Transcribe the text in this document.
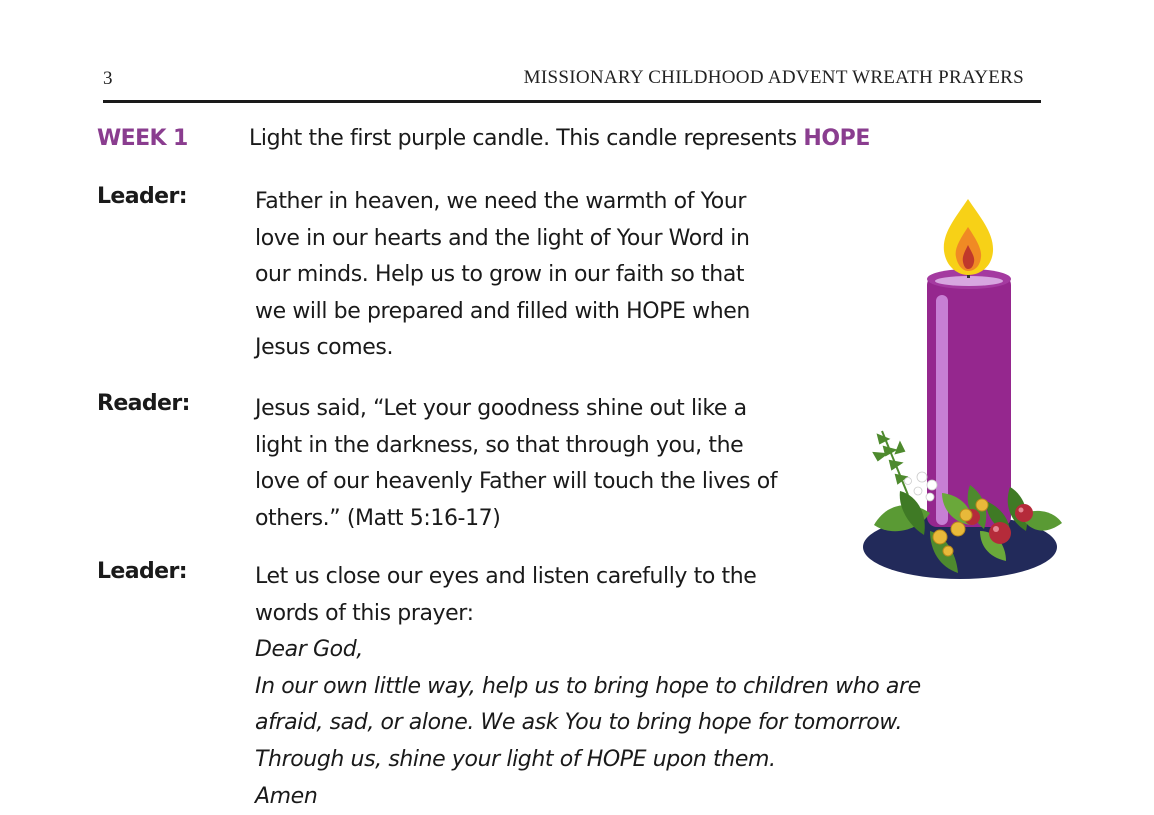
3	MISSIONARY CHILDHOOD ADVENT WREATH PRAYERS
WEEK 1	Light the first purple candle. This candle represents HOPE
Leader:	Father in heaven, we need the warmth of Your
love in our hearts and the light of Your Word in
our minds. Help us to grow in our faith so that
we will be prepared and filled with HOPE when
Jesus comes.
Reader:	Jesus said, “Let your goodness shine out like a
light in the darkness, so that through you, the
love of our heavenly Father will touch the lives of
others.” (Matt 5:16-17)
Leader:	Let us close our eyes and listen carefully to the
words of this prayer:
Dear God,
In our own little way, help us to bring hope to children who are
afraid, sad, or alone. We ask You to bring hope for tomorrow.
Through us, shine your light of HOPE upon them.
Amen
